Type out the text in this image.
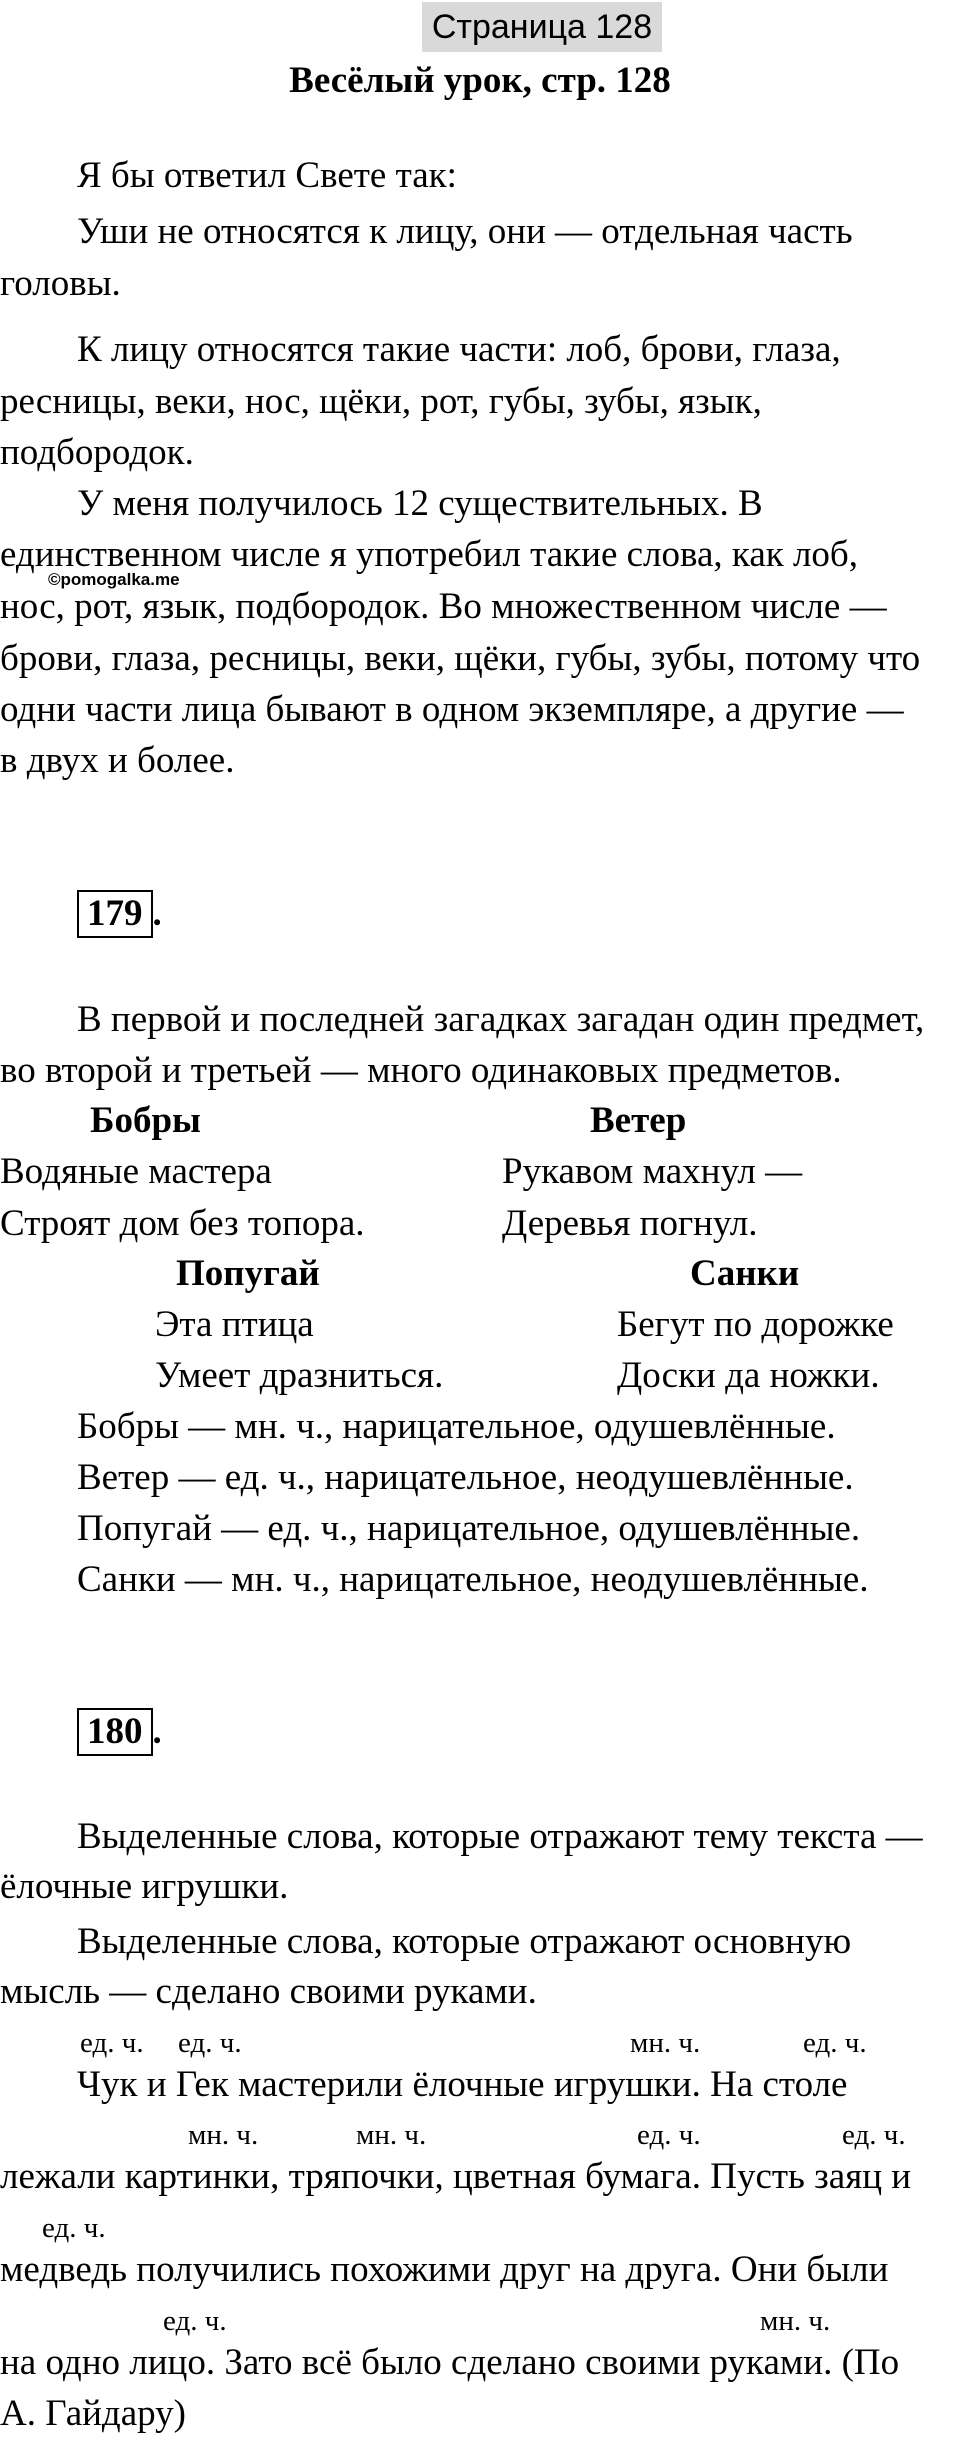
Страница 128
Весёлый урок, стр. 128
Я бы ответил Свете так:
Уши не относятся к лицу, они — отдельная часть
головы.
К лицу относятся такие части: лоб, брови, глаза,
ресницы, веки, нос, щёки, рот, губы, зубы, язык,
подбородок.
У меня получилось 12 существительных. В
единственном числе я употребил такие слова, как лоб,
©pomogalka.me
нос, рот, язык, подбородок. Во множественном числе —
брови, глаза, ресницы, веки, щёки, губы, зубы, потому что
одни части лица бывают в одном экземпляре, а другие —
в двух и более.
179 .
В первой и последней загадках загадан один предмет,
во второй и третьей — много одинаковых предметов.
Бобры	Ветер
Водяные мастера	Рукавом махнул —
Строят дом без топора.	Деревья погнул.
Попугай	Санки
Эта птица	Бегут по дорожке
Умеет дразниться.	Доски да ножки.
Бобры — мн. ч., нарицательное, одушевлённые.
Ветер — ед. ч., нарицательное, неодушевлённые.
Попугай — ед. ч., нарицательное, одушевлённые.
Санки — мн. ч., нарицательное, неодушевлённые.
180 .
Выделенные слова, которые отражают тему текста —
ёлочные игрушки.
Выделенные слова, которые отражают основную
мысль — сделано своими руками.
ед. ч. ед. ч.	мн. ч.	ед. ч.
Чук и Гек мастерили ёлочные игрушки. На столе
мн. ч.	мн. ч.	ед. ч.	ед. ч.
лежали картинки, тряпочки, цветная бумага. Пусть заяц и
ед. ч.
медведь получились похожими друг на друга. Они были
ед. ч.	мн. ч.
на одно лицо. Зато всё было сделано своими руками. (По
А. Гайдару)
